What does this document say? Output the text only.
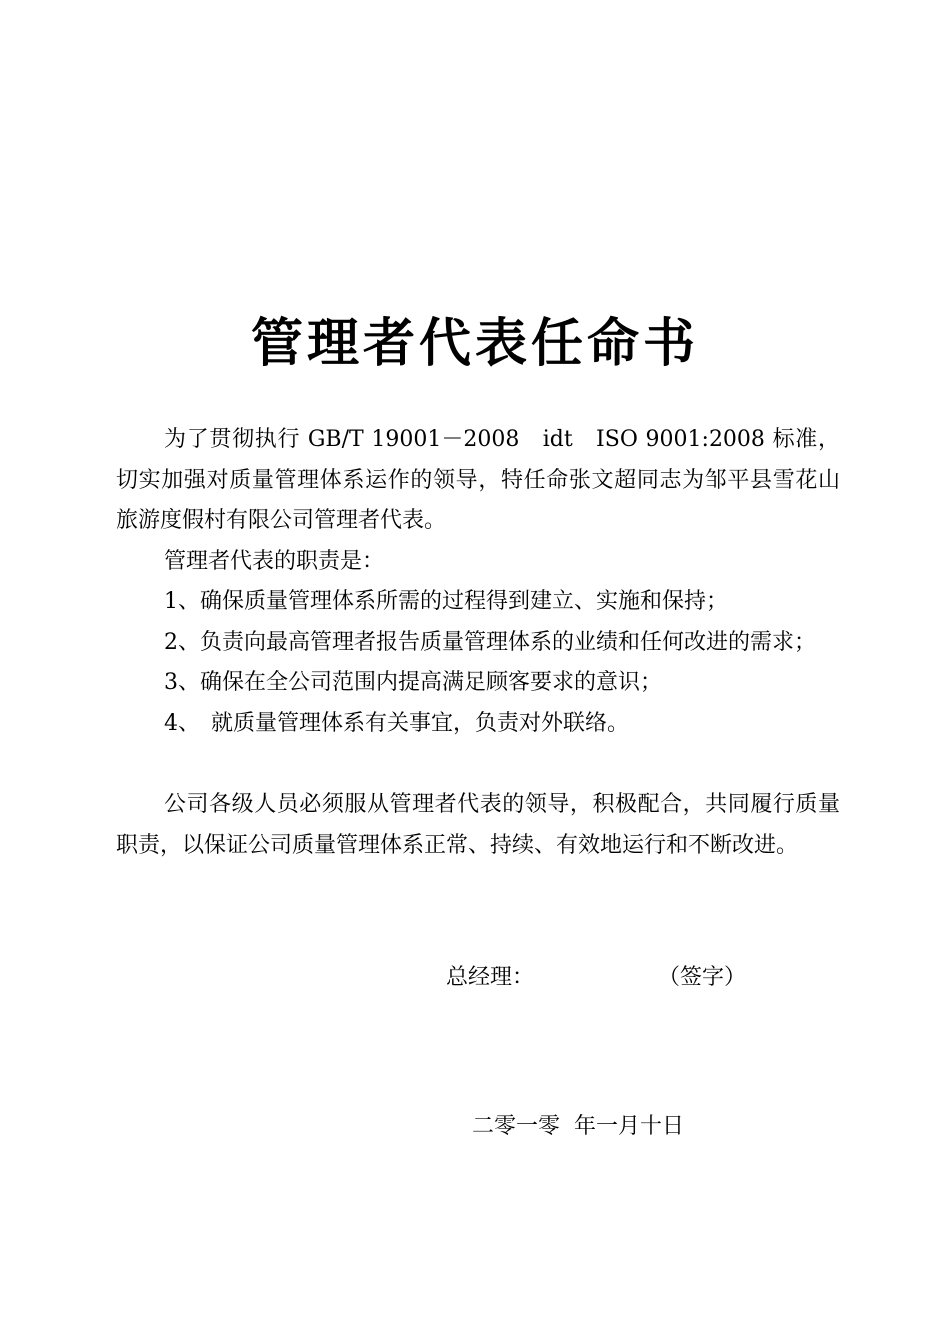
管理者代表任命书

为了贯彻执行 GB/T 19001－2008　idt　ISO 9001:2008 标准，切实加强对质量管理体系运作的领导，特任命张文超同志为邹平县雪花山旅游度假村有限公司管理者代表。

管理者代表的职责是：

1、确保质量管理体系所需的过程得到建立、实施和保持；

2、负责向最高管理者报告质量管理体系的业绩和任何改进的需求；

3、确保在全公司范围内提高满足顾客要求的意识；

4、　就质量管理体系有关事宜，负责对外联络。

公司各级人员必须服从管理者代表的领导，积极配合，共同履行质量职责，以保证公司质量管理体系正常、持续、有效地运行和不断改进。

总经理：	（签字）
二零一零  年一月十日
